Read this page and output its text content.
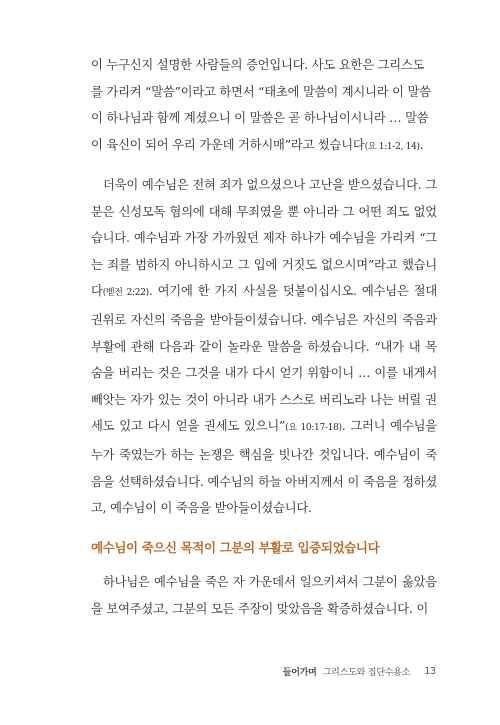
이 누구신지 설명한 사람들의 증언입니다. 사도 요한은 그리스도
를 가리켜 “말씀”이라고 하면서 “태초에 말씀이 계시니라 이 말씀
이 하나님과 함께 계셨으니 이 말씀은 곧 하나님이시니라 … 말씀
이 육신이 되어 우리 가운데 거하시매”라고 썼습니다(요 1:1-2, 14).

더욱이 예수님은 전혀 죄가 없으셨으나 고난을 받으셨습니다. 그분은 신성모독 혐의에 대해 무죄였을 뿐 아니라 그 어떤 죄도 없었습니다. 예수님과 가장 가까웠던 제자 하나가 예수님을 가리켜 “그는 죄를 범하지 아니하시고 그 입에 거짓도 없으시며”라고 했습니다(벧전 2:22). 여기에 한 가지 사실을 덧붙이십시오. 예수님은 절대 권위로 자신의 죽음을 받아들이셨습니다. 예수님은 자신의 죽음과 부활에 관해 다음과 같이 놀라운 말씀을 하셨습니다. “내가 내 목숨을 버리는 것은 그것을 내가 다시 얻기 위함이니 … 이를 내게서 빼앗는 자가 있는 것이 아니라 내가 스스로 버리노라 나는 버릴 권세도 있고 다시 얻을 권세도 있으니”(요 10:17-18). 그러니 예수님을 누가 죽였는가 하는 논쟁은 핵심을 빗나간 것입니다. 예수님이 죽음을 선택하셨습니다. 예수님의 하늘 아버지께서 이 죽음을 정하셨고, 예수님이 이 죽음을 받아들이셨습니다.

예수님이 죽으신 목적이 그분의 부활로 입증되었습니다

하나님은 예수님을 죽은 자 가운데서 일으키셔서 그분이 옳았음을 보여주셨고, 그분의 모든 주장이 맞았음을 확증하셨습니다. 이

들어가며 그리스도와 집단수용소 13
